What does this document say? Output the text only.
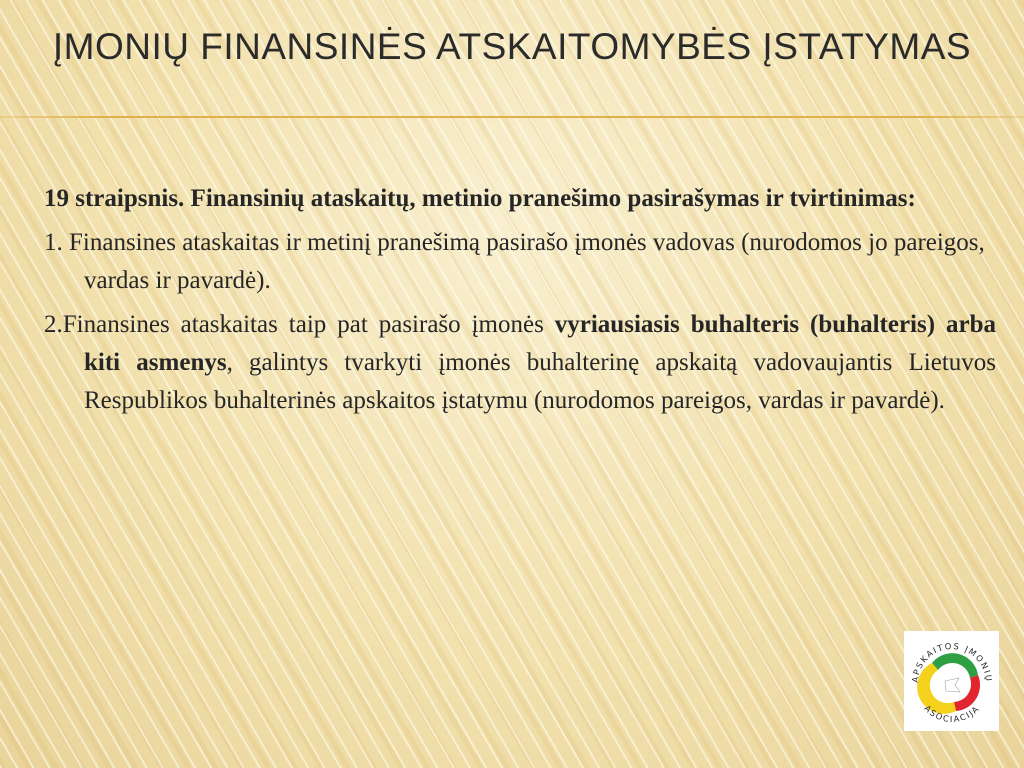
ĮMONIŲ FINANSINĖS ATSKAITOMYBĖS ĮSTATYMAS

19 straipsnis. Finansinių ataskaitų, metinio pranešimo pasirašymas ir tvirtinimas:

1. Finansines ataskaitas ir metinį pranešimą pasirašo įmonės vadovas (nurodomos jo pareigos, vardas ir pavardė).

2.Finansines ataskaitas taip pat pasirašo įmonės vyriausiasis buhalteris (buhalteris) arba kiti asmenys, galintys tvarkyti įmonės buhalterinę apskaitą vadovaujantis Lietuvos Respublikos buhalterinės apskaitos įstatymu (nurodomos pareigos, vardas ir pavardė).

APSKAITOS ĮMONIŲ
ASOCIACIJA
